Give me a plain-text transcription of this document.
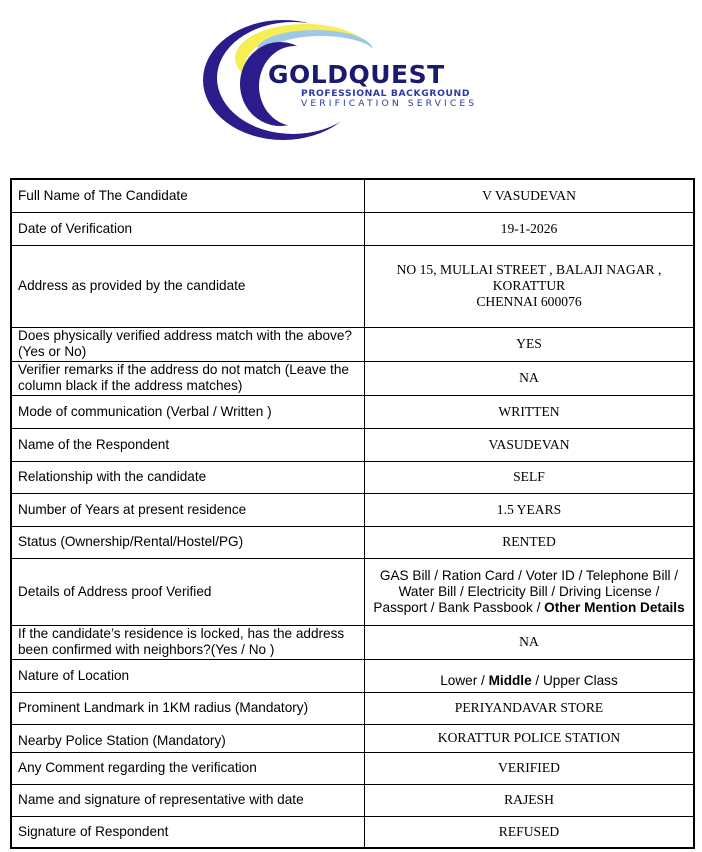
GOLDQUEST
PROFESSIONAL BACKGROUND
VERIFICATION SERVICES
Full Name of The Candidate	V VASUDEVAN
Date of Verification	19-1-2026
Address as provided by the candidate	NO 15, MULLAI STREET , BALAJI NAGAR ,
KORATTUR
CHENNAI 600076

Does physically verified address match with the above? (Yes or No)	YES
Verifier remarks if the address do not match (Leave the column black if the address matches)	NA
Mode of communication (Verbal / Written )	WRITTEN
Name of the Respondent	VASUDEVAN
Relationship with the candidate	SELF
Number of Years at present residence	1.5 YEARS
Status (Ownership/Rental/Hostel/PG)	RENTED
Details of Address proof Verified	GAS Bill / Ration Card / Voter ID / Telephone Bill / Water Bill / Electricity Bill / Driving License / Passport / Bank Passbook / Other Mention Details
If the candidate’s residence is locked, has the address been confirmed with neighbors?(Yes / No )	NA
Nature of Location	Lower / Middle / Upper Class
Prominent Landmark in 1KM radius (Mandatory)	PERIYANDAVAR STORE
Nearby Police Station (Mandatory)	KORATTUR POLICE STATION
Any Comment regarding the verification	VERIFIED
Name and signature of representative with date	RAJESH
Signature of Respondent	REFUSED
